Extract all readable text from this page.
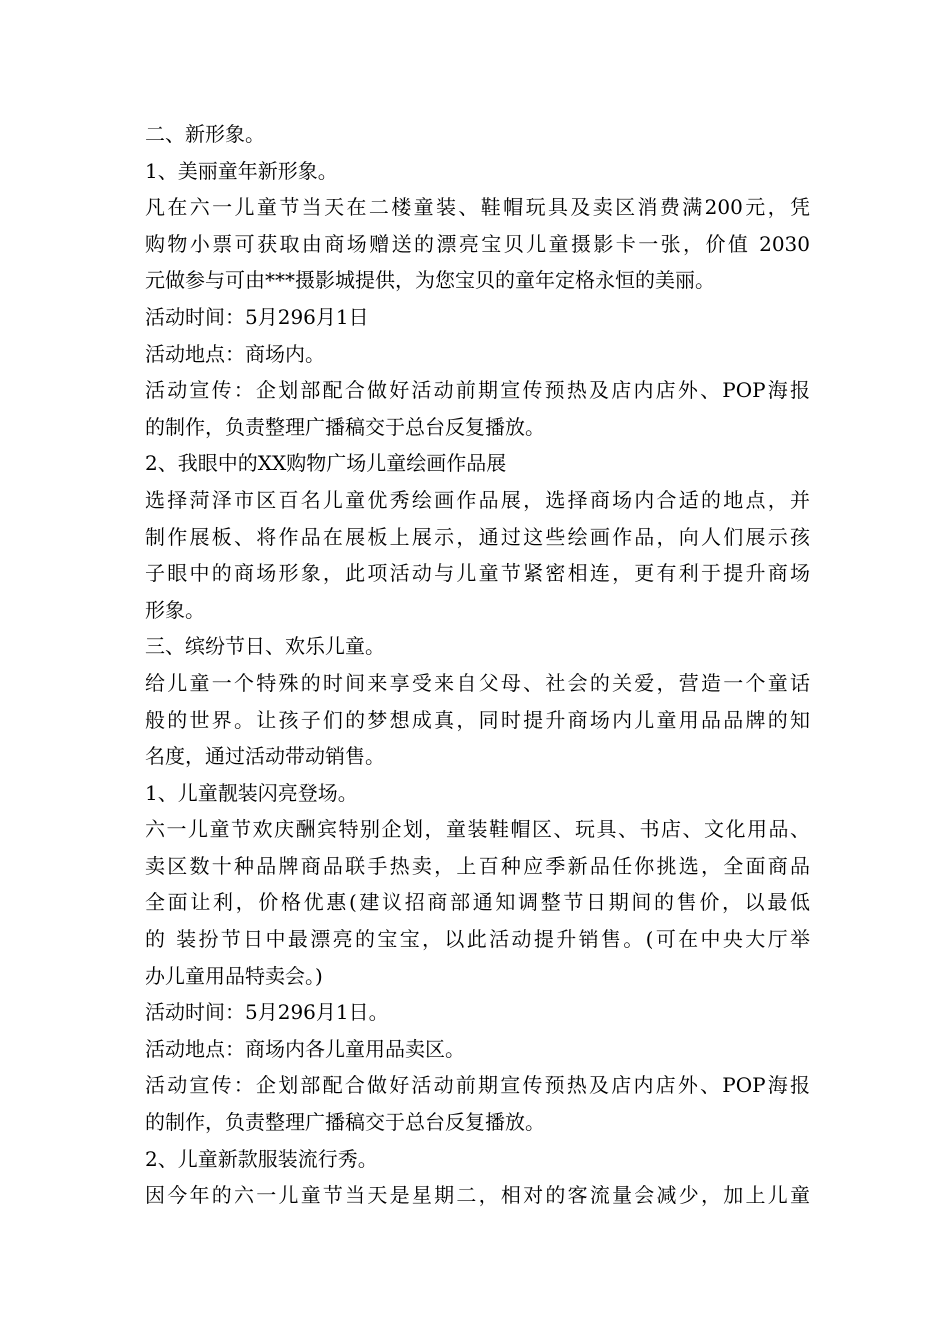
二、新形象。

1、美丽童年新形象。

凡在六一儿童节当天在二楼童装、鞋帽玩具及卖区消费满200元，凭

购物小票可获取由商场赠送的漂亮宝贝儿童摄影卡一张，价值 2030

元做参与可由***摄影城提供，为您宝贝的童年定格永恒的美丽。

活动时间：5月296月1日

活动地点：商场内。

活动宣传：企划部配合做好活动前期宣传预热及店内店外、POP海报

的制作，负责整理广播稿交于总台反复播放。

2、我眼中的XX购物广场儿童绘画作品展

选择菏泽市区百名儿童优秀绘画作品展，选择商场内合适的地点，并

制作展板、将作品在展板上展示，通过这些绘画作品，向人们展示孩

子眼中的商场形象，此项活动与儿童节紧密相连，更有利于提升商场

形象。

三、缤纷节日、欢乐儿童。

给儿童一个特殊的时间来享受来自父母、社会的关爱，营造一个童话

般的世界。让孩子们的梦想成真，同时提升商场内儿童用品品牌的知

名度，通过活动带动销售。

1、儿童靓装闪亮登场。

六一儿童节欢庆酬宾特别企划，童装鞋帽区、玩具、书店、文化用品、

卖区数十种品牌商品联手热卖，上百种应季新品任你挑选，全面商品

全面让利，价格优惠(建议招商部通知调整节日期间的售价，以最低

的 装扮节日中最漂亮的宝宝，以此活动提升销售。(可在中央大厅举

办儿童用品特卖会。)

活动时间：5月296月1日。

活动地点：商场内各儿童用品卖区。

活动宣传：企划部配合做好活动前期宣传预热及店内店外、POP海报

的制作，负责整理广播稿交于总台反复播放。

2、儿童新款服装流行秀。

因今年的六一儿童节当天是星期二，相对的客流量会减少，加上儿童
